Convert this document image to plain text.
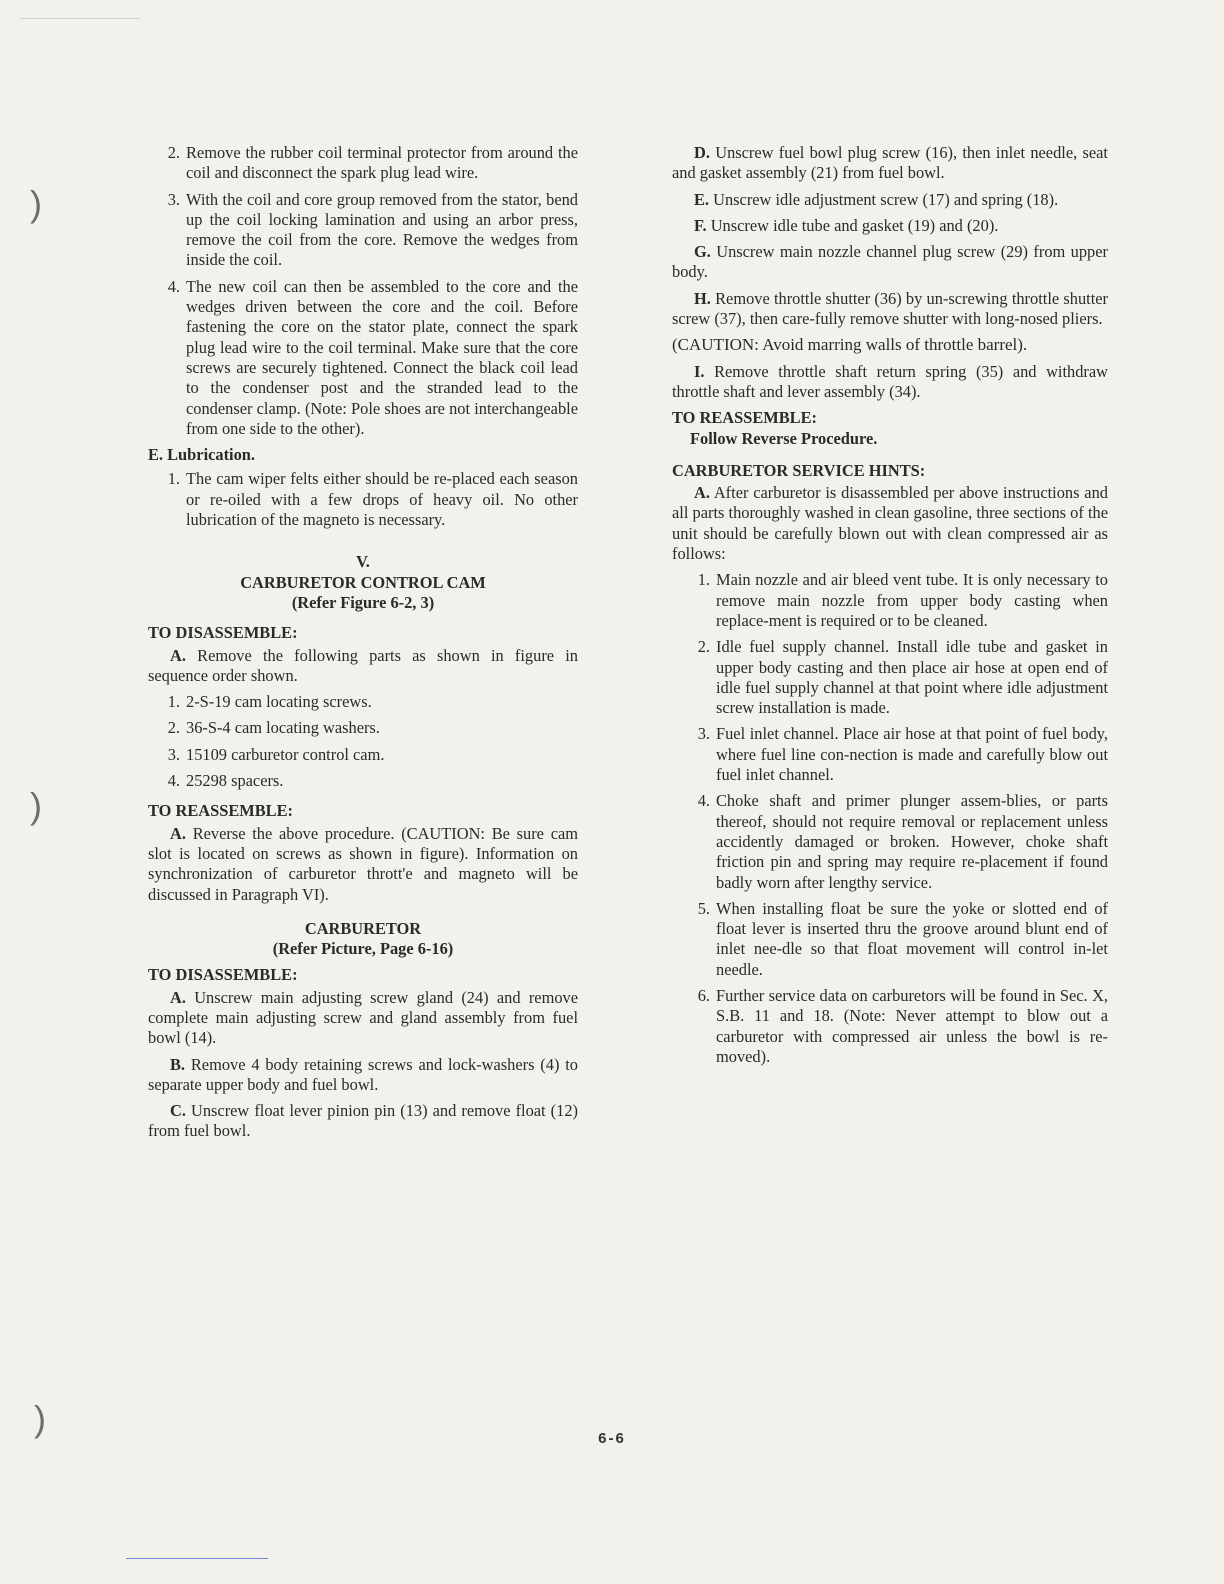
)
)
)
2. Remove the rubber coil terminal protector from around the coil and disconnect the spark plug lead wire.
3. With the coil and core group removed from the stator, bend up the coil locking lamination and using an arbor press, remove the coil from the core. Remove the wedges from inside the coil.
4. The new coil can then be assembled to the core and the wedges driven between the core and the coil. Before fastening the core on the stator plate, connect the spark plug lead wire to the coil terminal. Make sure that the core screws are securely tightened. Connect the black coil lead to the condenser post and the stranded lead to the condenser clamp. (Note: Pole shoes are not interchangeable from one side to the other).
E. Lubrication.
1. The cam wiper felts either should be re-placed each season or re-oiled with a few drops of heavy oil. No other lubrication of the magneto is necessary.
V.
CARBURETOR CONTROL CAM
(Refer Figure 6-2, 3)
TO DISASSEMBLE:

A. Remove the following parts as shown in figure in sequence order shown.

1. 2-S-19 cam locating screws.
2. 36-S-4 cam locating washers.
3. 15109 carburetor control cam.
4. 25298 spacers.
TO REASSEMBLE:

A. Reverse the above procedure. (CAUTION: Be sure cam slot is located on screws as shown in figure). Information on synchronization of carburetor thrott'e and magneto will be discussed in Paragraph VI).

CARBURETOR
(Refer Picture, Page 6-16)
TO DISASSEMBLE:

A. Unscrew main adjusting screw gland (24) and remove complete main adjusting screw and gland assembly from fuel bowl (14).

B. Remove 4 body retaining screws and lock-washers (4) to separate upper body and fuel bowl.

C. Unscrew float lever pinion pin (13) and remove float (12) from fuel bowl.

D. Unscrew fuel bowl plug screw (16), then inlet needle, seat and gasket assembly (21) from fuel bowl.

E. Unscrew idle adjustment screw (17) and spring (18).

F. Unscrew idle tube and gasket (19) and (20).

G. Unscrew main nozzle channel plug screw (29) from upper body.

H. Remove throttle shutter (36) by un-screwing throttle shutter screw (37), then care-fully remove shutter with long-nosed pliers.

(CAUTION: Avoid marring walls of throttle barrel).

I. Remove throttle shaft return spring (35) and withdraw throttle shaft and lever assembly (34).

TO REASSEMBLE:

Follow Reverse Procedure.

CARBURETOR SERVICE HINTS:

A. After carburetor is disassembled per above instructions and all parts thoroughly washed in clean gasoline, three sections of the unit should be carefully blown out with clean compressed air as follows:

1. Main nozzle and air bleed vent tube. It is only necessary to remove main nozzle from upper body casting when replace-ment is required or to be cleaned.
2. Idle fuel supply channel. Install idle tube and gasket in upper body casting and then place air hose at open end of idle fuel supply channel at that point where idle adjustment screw installation is made.
3. Fuel inlet channel. Place air hose at that point of fuel body, where fuel line con-nection is made and carefully blow out fuel inlet channel.
4. Choke shaft and primer plunger assem-blies, or parts thereof, should not require removal or replacement unless accidently damaged or broken. However, choke shaft friction pin and spring may require re-placement if found badly worn after lengthy service.
5. When installing float be sure the yoke or slotted end of float lever is inserted thru the groove around blunt end of inlet nee-dle so that float movement will control in-let needle.
6. Further service data on carburetors will be found in Sec. X, S.B. 11 and 18. (Note: Never attempt to blow out a carburetor with compressed air unless the bowl is re-moved).
6-6
